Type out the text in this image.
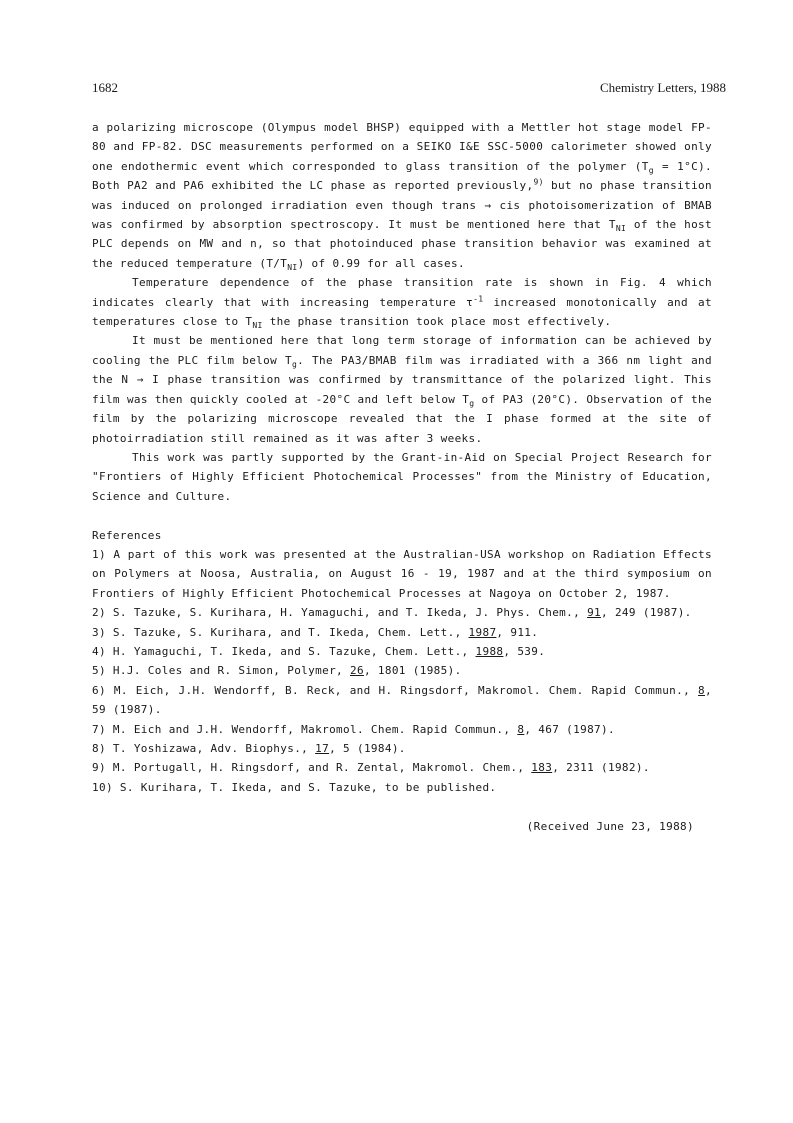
1682	Chemistry Letters, 1988

a polarizing microscope (Olympus model BHSP) equipped with a Mettler hot stage model FP-80 and FP-82. DSC measurements performed on a SEIKO I&E SSC-5000 calorimeter showed only one endothermic event which corresponded to glass transition of the polymer $(T_g = 1^\circ C)$. Both PA2 and PA6 exhibited the LC phase as reported previously,$^{9)}$ but no phase transition was induced on prolonged irradiation even though trans → cis photoisomerization of BMAB was confirmed by absorption spectroscopy. It must be mentioned here that $T_{NI}$ of the host PLC depends on MW and n, so that photoinduced phase transition behavior was examined at the reduced temperature $(T/T_{NI})$ of 0.99 for all cases.

Temperature dependence of the phase transition rate is shown in Fig. 4 which indicates clearly that with increasing temperature $\tau^{-1}$ increased monotonically and at temperatures close to $T_{NI}$ the phase transition took place most effectively.

It must be mentioned here that long term storage of information can be achieved by cooling the PLC film below $T_g$. The PA3/BMAB film was irradiated with a 366 nm light and the N → I phase transition was confirmed by transmittance of the polarized light. This film was then quickly cooled at -20°C and left below $T_g$ of PA3 (20°C). Observation of the film by the polarizing microscope revealed that the I phase formed at the site of photoirradiation still remained as it was after 3 weeks.

This work was partly supported by the Grant-in-Aid on Special Project Research for "Frontiers of Highly Efficient Photochemical Processes" from the Ministry of Education, Science and Culture.

References

1) A part of this work was presented at the Australian-USA workshop on Radiation Effects on Polymers at Noosa, Australia, on August 16 - 19, 1987 and at the third symposium on Frontiers of Highly Efficient Photochemical Processes at Nagoya on October 2, 1987.

2) S. Tazuke, S. Kurihara, H. Yamaguchi, and T. Ikeda, J. Phys. Chem., 91, 249 (1987).

3) S. Tazuke, S. Kurihara, and T. Ikeda, Chem. Lett., 1987, 911.

4) H. Yamaguchi, T. Ikeda, and S. Tazuke, Chem. Lett., 1988, 539.

5) H.J. Coles and R. Simon, Polymer, 26, 1801 (1985).

6) M. Eich, J.H. Wendorff, B. Reck, and H. Ringsdorf, Makromol. Chem. Rapid Commun., 8, 59 (1987).

7) M. Eich and J.H. Wendorff, Makromol. Chem. Rapid Commun., 8, 467 (1987).

8) T. Yoshizawa, Adv. Biophys., 17, 5 (1984).

9) M. Portugall, H. Ringsdorf, and R. Zental, Makromol. Chem., 183, 2311 (1982).

10) S. Kurihara, T. Ikeda, and S. Tazuke, to be published.

(Received June 23, 1988)
